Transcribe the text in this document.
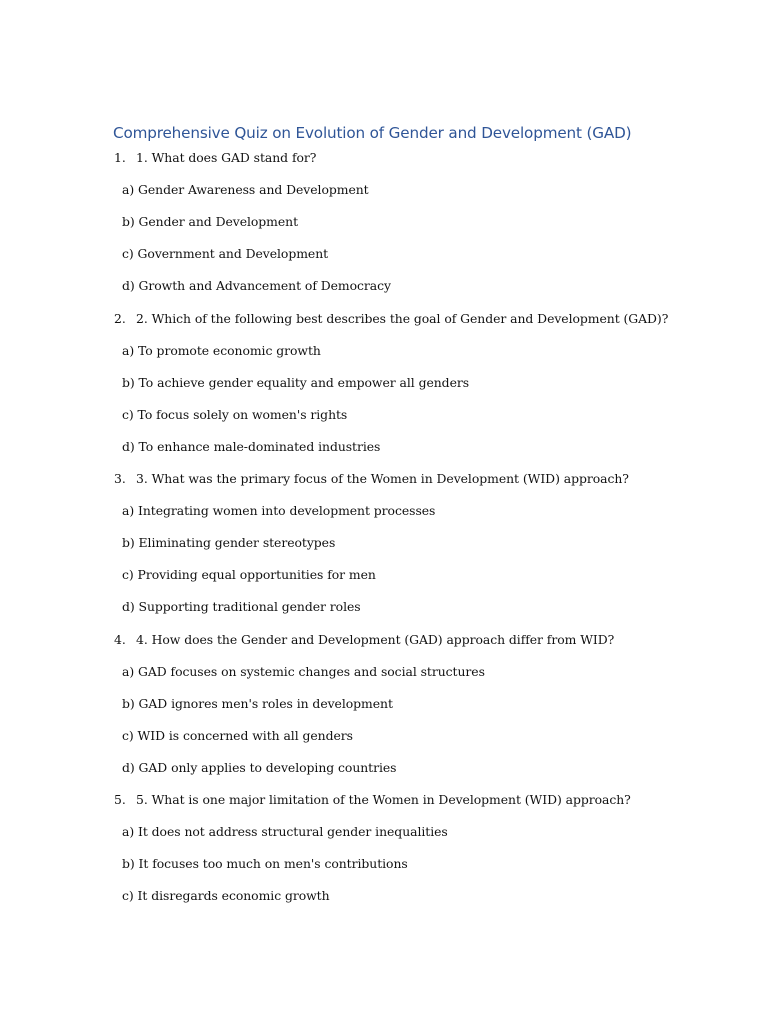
Comprehensive Quiz on Evolution of Gender and Development (GAD)
1. 1. What does GAD stand for?
a) Gender Awareness and Development
b) Gender and Development
c) Government and Development
d) Growth and Advancement of Democracy
2. 2. Which of the following best describes the goal of Gender and Development (GAD)?
a) To promote economic growth
b) To achieve gender equality and empower all genders
c) To focus solely on women's rights
d) To enhance male-dominated industries
3. 3. What was the primary focus of the Women in Development (WID) approach?
a) Integrating women into development processes
b) Eliminating gender stereotypes
c) Providing equal opportunities for men
d) Supporting traditional gender roles
4. 4. How does the Gender and Development (GAD) approach differ from WID?
a) GAD focuses on systemic changes and social structures
b) GAD ignores men's roles in development
c) WID is concerned with all genders
d) GAD only applies to developing countries
5. 5. What is one major limitation of the Women in Development (WID) approach?
a) It does not address structural gender inequalities
b) It focuses too much on men's contributions
c) It disregards economic growth
